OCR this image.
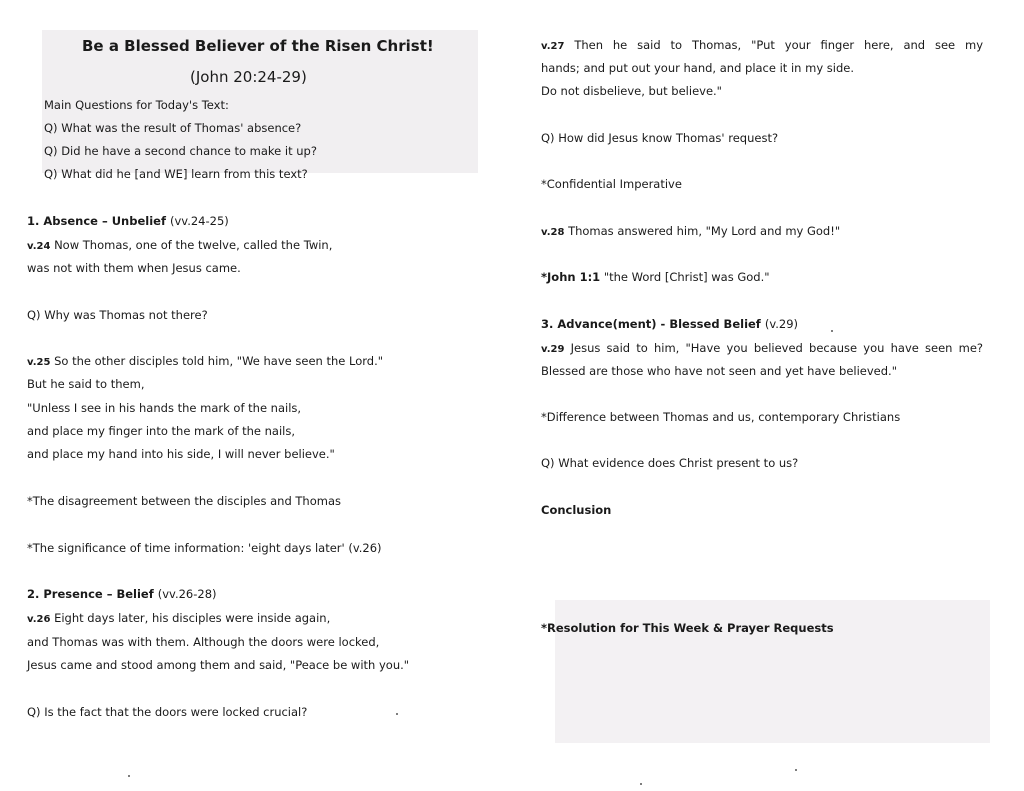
Be a Blessed Believer of the Risen Christ!
(John 20:24-29)
Main Questions for Today's Text:
Q) What was the result of Thomas' absence?
Q) Did he have a second chance to make it up?
Q) What did he [and WE] learn from this text?
1. Absence – Unbelief (vv.24-25)
v.24 Now Thomas, one of the twelve, called the Twin,
was not with them when Jesus came.
Q) Why was Thomas not there?
v.25 So the other disciples told him, "We have seen the Lord."
But he said to them,
"Unless I see in his hands the mark of the nails,
and place my finger into the mark of the nails,
and place my hand into his side, I will never believe."
*The disagreement between the disciples and Thomas
*The significance of time information: 'eight days later' (v.26)
2. Presence – Belief (vv.26-28)
v.26 Eight days later, his disciples were inside again,
and Thomas was with them. Although the doors were locked,
Jesus came and stood among them and said, "Peace be with you."
Q) Is the fact that the doors were locked crucial?
v.27 Then he said to Thomas, "Put your finger here, and see my
hands; and put out your hand, and place it in my side.
Do not disbelieve, but believe."
Q) How did Jesus know Thomas' request?
*Confidential Imperative
v.28 Thomas answered him, "My Lord and my God!"
*John 1:1 "the Word [Christ] was God."
3. Advance(ment) - Blessed Belief (v.29)
v.29 Jesus said to him, "Have you believed because you have seen me?
Blessed are those who have not seen and yet have believed."
*Difference between Thomas and us, contemporary Christians
Q) What evidence does Christ present to us?
Conclusion
*Resolution for This Week & Prayer Requests
